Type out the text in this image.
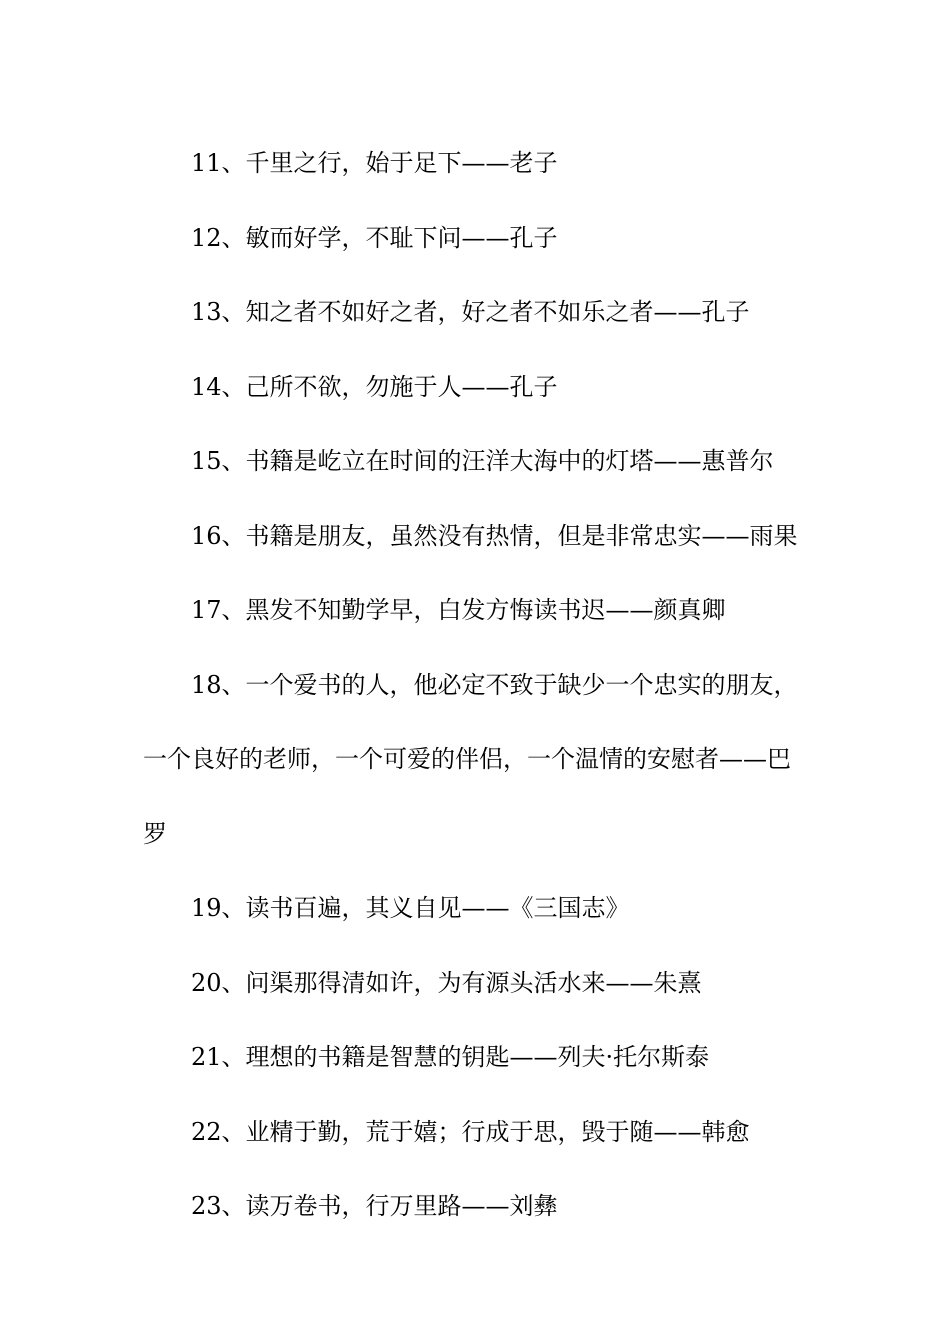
11、千里之行，始于足下——老子

12、敏而好学，不耻下问——孔子

13、知之者不如好之者，好之者不如乐之者——孔子

14、己所不欲，勿施于人——孔子

15、书籍是屹立在时间的汪洋大海中的灯塔——惠普尔

16、书籍是朋友，虽然没有热情，但是非常忠实——雨果

17、黑发不知勤学早，白发方悔读书迟——颜真卿

18、一个爱书的人，他必定不致于缺少一个忠实的朋友，一个良好的老师，一个可爱的伴侣，一个温情的安慰者——巴罗

19、读书百遍，其义自见——《三国志》

20、问渠那得清如许，为有源头活水来——朱熹

21、理想的书籍是智慧的钥匙——列夫·托尔斯泰

22、业精于勤，荒于嬉；行成于思，毁于随——韩愈

23、读万卷书，行万里路——刘彝
